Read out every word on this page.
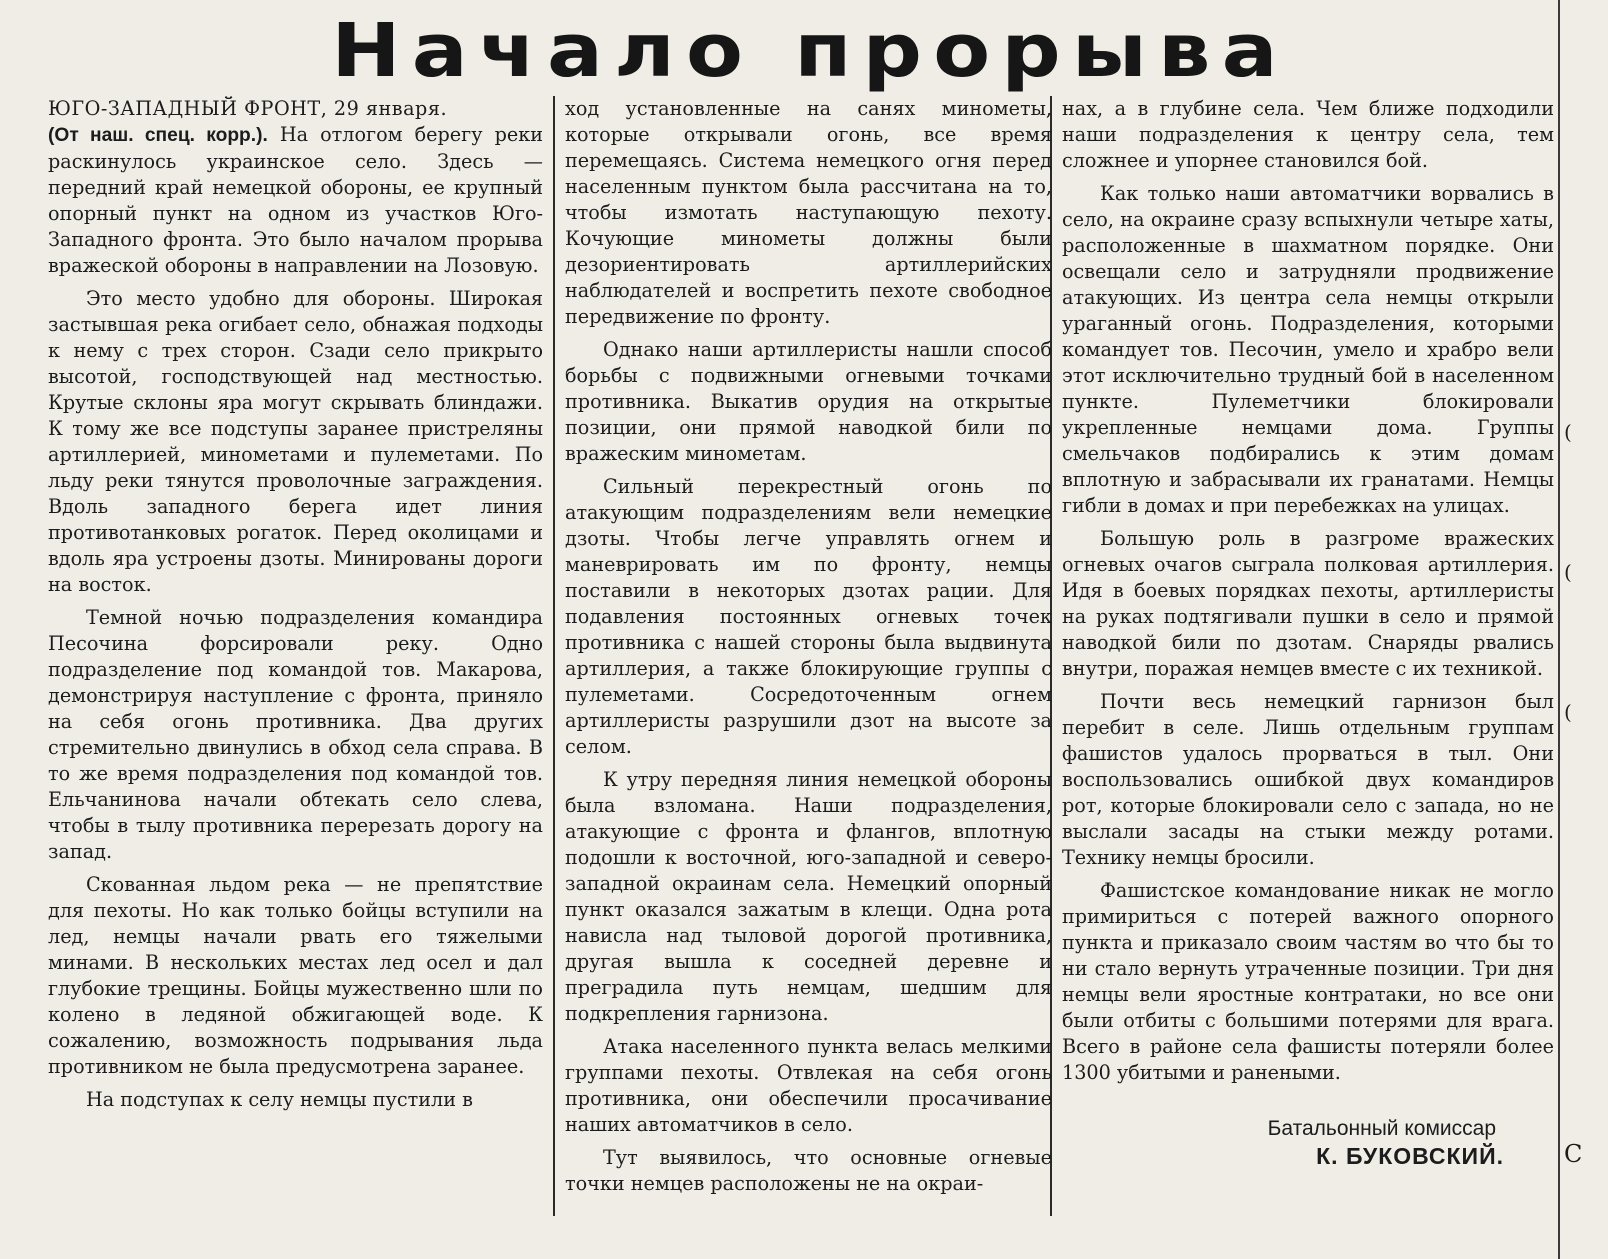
Начало прорыва

ЮГО-ЗАПАДНЫЙ ФРОНТ, 29 января.
(От наш. спец. корр.). На отлогом берегу реки раскинулось украинское село. Здесь — передний край немецкой обороны, ее крупный опорный пункт на одном из участков Юго-Западного фронта. Это было началом прорыва вражеской обороны в направлении на Лозовую.

Это место удобно для обороны. Широкая застывшая река огибает село, обнажая подходы к нему с трех сторон. Сзади село прикрыто высотой, господствующей над местностью. Крутые склоны яра могут скрывать блиндажи. К тому же все подступы заранее пристреляны артиллерией, минометами и пулеметами. По льду реки тянутся проволочные заграждения. Вдоль западного берега идет линия противотанковых рогаток. Перед околицами и вдоль яра устроены дзоты. Минированы дороги на восток.

Темной ночью подразделения командира Песочина форсировали реку. Одно подразделение под командой тов. Макарова, демонстрируя наступление с фронта, приняло на себя огонь противника. Два других стремительно двинулись в обход села справа. В то же время подразделения под командой тов. Ельчанинова начали обтекать село слева, чтобы в тылу противника перерезать дорогу на запад.

Скованная льдом река — не препятствие для пехоты. Но как только бойцы вступили на лед, немцы начали рвать его тяжелыми минами. В нескольких местах лед осел и дал глубокие трещины. Бойцы мужественно шли по колено в ледяной обжигающей воде. К сожалению, возможность подрывания льда противником не была предусмотрена заранее.

На подступах к селу немцы пустили в

ход установленные на санях минометы, которые открывали огонь, все время перемещаясь. Система немецкого огня перед населенным пунктом была рассчитана на то, чтобы измотать наступающую пехоту. Кочующие минометы должны были дезориентировать артиллерийских наблюдателей и воспретить пехоте свободное передвижение по фронту.

Однако наши артиллеристы нашли способ борьбы с подвижными огневыми точками противника. Выкатив орудия на открытые позиции, они прямой наводкой били по вражеским минометам.

Сильный перекрестный огонь по атакующим подразделениям вели немецкие дзоты. Чтобы легче управлять огнем и маневрировать им по фронту, немцы поставили в некоторых дзотах рации. Для подавления постоянных огневых точек противника с нашей стороны была выдвинута артиллерия, а также блокирующие группы с пулеметами. Сосредоточенным огнем артиллеристы разрушили дзот на высоте за селом.

К утру передняя линия немецкой обороны была взломана. Наши подразделения, атакующие с фронта и флангов, вплотную подошли к восточной, юго-западной и северо-западной окраинам села. Немецкий опорный пункт оказался зажатым в клещи. Одна рота нависла над тыловой дорогой противника, другая вышла к соседней деревне и преградила путь немцам, шедшим для подкрепления гарнизона.

Атака населенного пункта велась мелкими группами пехоты. Отвлекая на себя огонь противника, они обеспечили просачивание наших автоматчиков в село.

Тут выявилось, что основные огневые точки немцев расположены не на окраи-

нах, а в глубине села. Чем ближе подходили наши подразделения к центру села, тем сложнее и упорнее становился бой.

Как только наши автоматчики ворвались в село, на окраине сразу вспыхнули четыре хаты, расположенные в шахматном порядке. Они освещали село и затрудняли продвижение атакующих. Из центра села немцы открыли ураганный огонь. Подразделения, которыми командует тов. Песочин, умело и храбро вели этот исключительно трудный бой в населенном пункте. Пулеметчики блокировали укрепленные немцами дома. Группы смельчаков подбирались к этим домам вплотную и забрасывали их гранатами. Немцы гибли в домах и при перебежках на улицах.

Большую роль в разгроме вражеских огневых очагов сыграла полковая артиллерия. Идя в боевых порядках пехоты, артиллеристы на руках подтягивали пушки в село и прямой наводкой били по дзотам. Снаряды рвались внутри, поражая немцев вместе с их техникой.

Почти весь немецкий гарнизон был перебит в селе. Лишь отдельным группам фашистов удалось прорваться в тыл. Они воспользовались ошибкой двух командиров рот, которые блокировали село с запада, но не выслали засады на стыки между ротами. Технику немцы бросили.

Фашистское командование никак не могло примириться с потерей важного опорного пункта и приказало своим частям во что бы то ни стало вернуть утраченные позиции. Три дня немцы вели яростные контратаки, но все они были отбиты с большими потерями для врага. Всего в районе села фашисты потеряли более 1300 убитыми и ранеными.

Батальонный комиссар
К. БУКОВСКИЙ.
(
(
(
С
